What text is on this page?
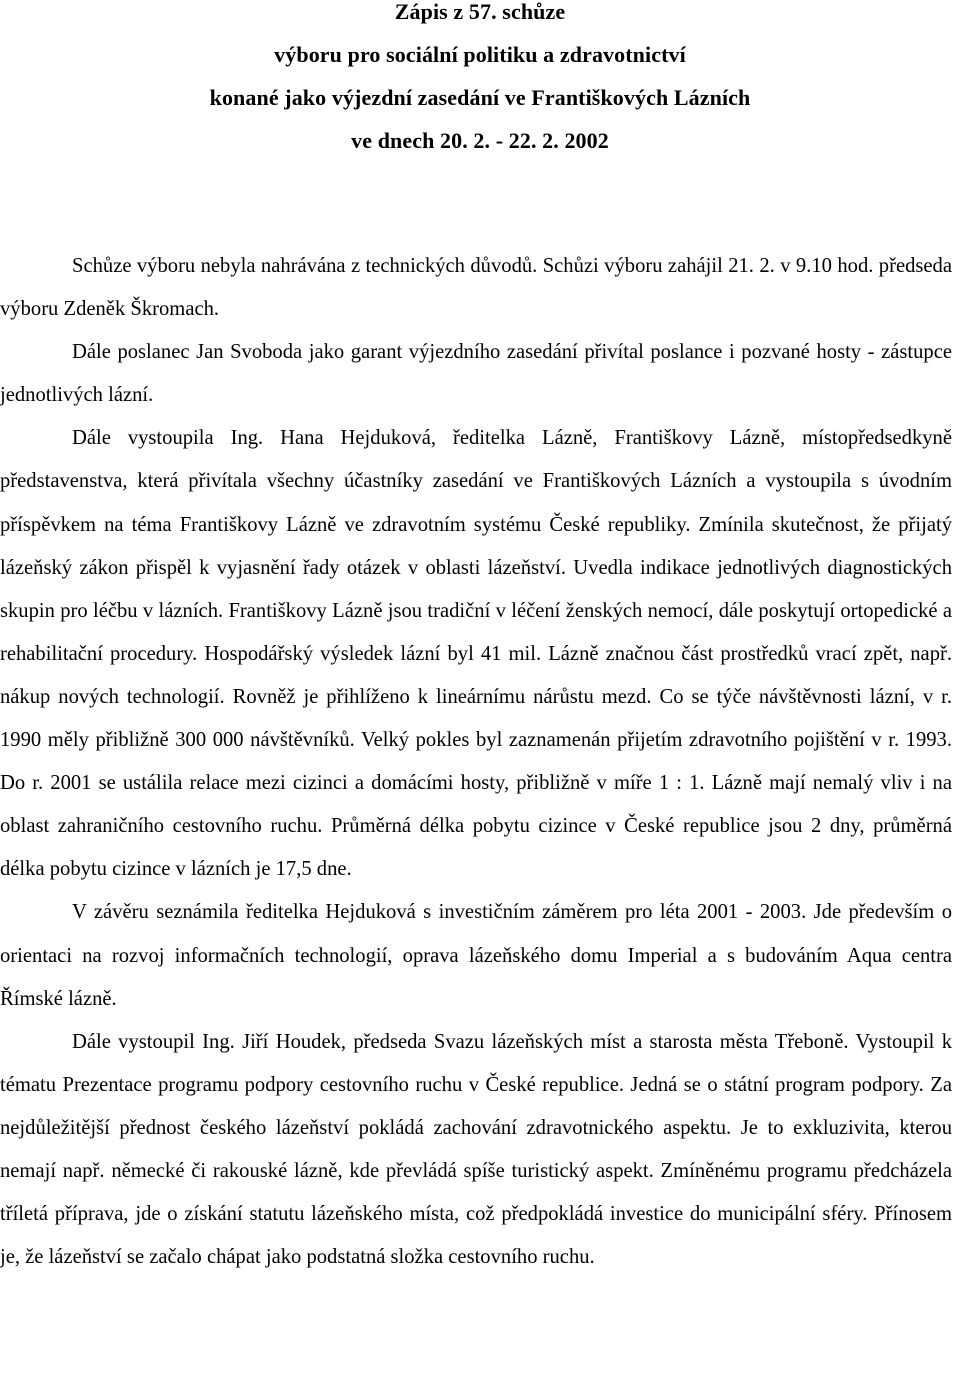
Zápis z 57. schůze

výboru pro sociální politiku a zdravotnictví

konané jako výjezdní zasedání ve Františkových Lázních

ve dnech 20. 2. - 22. 2. 2002

Schůze výboru nebyla nahrávána z technických důvodů. Schůzi výboru zahájil 21. 2. v 9.10 hod. předseda výboru Zdeněk Škromach.

Dále poslanec Jan Svoboda jako garant výjezdního zasedání přivítal poslance i pozvané hosty - zástupce jednotlivých lázní.

Dále vystoupila Ing. Hana Hejduková, ředitelka Lázně, Františkovy Lázně, místopředsedkyně představenstva, která přivítala všechny účastníky zasedání ve Františkových Lázních a vystoupila s úvodním příspěvkem na téma Františkovy Lázně ve zdravotním systému České republiky. Zmínila skutečnost, že přijatý lázeňský zákon přispěl k vyjasnění řady otázek v oblasti lázeňství. Uvedla indikace jednotlivých diagnostických skupin pro léčbu v lázních. Františkovy Lázně jsou tradiční v léčení ženských nemocí, dále poskytují ortopedické a rehabilitační procedury. Hospodářský výsledek lázní byl 41 mil. Lázně značnou část prostředků vrací zpět, např. nákup nových technologií. Rovněž je přihlíženo k lineárnímu nárůstu mezd. Co se týče návštěvnosti lázní, v r. 1990 měly přibližně 300 000 návštěvníků. Velký pokles byl zaznamenán přijetím zdravotního pojištění v r. 1993. Do r. 2001 se ustálila relace mezi cizinci a domácími hosty, přibližně v míře 1 : 1. Lázně mají nemalý vliv i na oblast zahraničního cestovního ruchu. Průměrná délka pobytu cizince v České republice jsou 2 dny, průměrná délka pobytu cizince v lázních je 17,5 dne.

V závěru seznámila ředitelka Hejduková s investičním záměrem pro léta 2001 - 2003. Jde především o orientaci na rozvoj informačních technologií, oprava lázeňského domu Imperial a s budováním Aqua centra Římské lázně.

Dále vystoupil Ing. Jiří Houdek, předseda Svazu lázeňských míst a starosta města Třeboně. Vystoupil k tématu Prezentace programu podpory cestovního ruchu v České republice. Jedná se o státní program podpory. Za nejdůležitější přednost českého lázeňství pokládá zachování zdravotnického aspektu. Je to exkluzivita, kterou nemají např. německé či rakouské lázně, kde převládá spíše turistický aspekt. Zmíněnému programu předcházela tříletá příprava, jde o získání statutu lázeňského místa, což předpokládá investice do municipální sféry. Přínosem je, že lázeňství se začalo chápat jako podstatná složka cestovního ruchu.
